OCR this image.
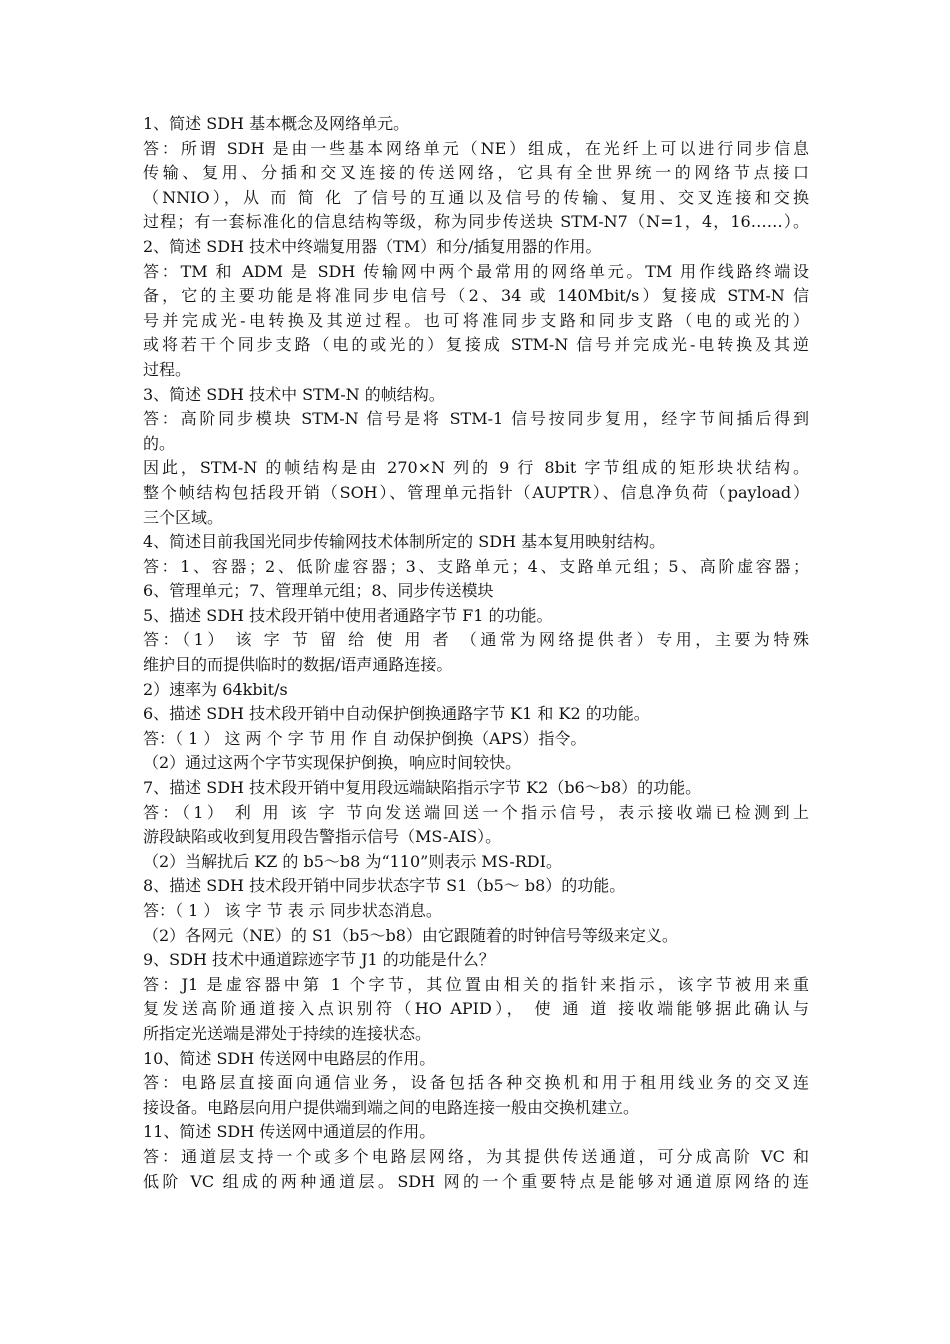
1、简述 SDH 基本概念及网络单元。
答：所谓 SDH 是由一些基本网络单元（NE）组成，在光纤上可以进行同步信息
传输、复用、分插和交叉连接的传送网络，它具有全世界统一的网络节点接口
（NNIO），从 而 简 化 了信号的互通以及信号的传输、复用、交叉连接和交换
过程；有一套标准化的信息结构等级，称为同步传送块 STM-N7（N=1，4，16……）。
2、简述 SDH 技术中终端复用器（TM）和分/插复用器的作用。
答：TM 和 ADM 是 SDH 传输网中两个最常用的网络单元。TM 用作线路终端设
备，它的主要功能是将准同步电信号（2、34 或 140Mbit/s）复接成 STM-N 信
号并完成光-电转换及其逆过程。也可将准同步支路和同步支路（电的或光的）
或将若干个同步支路（电的或光的）复接成 STM-N 信号并完成光-电转换及其逆
过程。
3、简述 SDH 技术中 STM-N 的帧结构。
答：高阶同步模块 STM-N 信号是将 STM-1 信号按同步复用，经字节间插后得到
的。
因此，STM-N 的帧结构是由 270×N 列的 9 行 8bit 字节组成的矩形块状结构。
整个帧结构包括段开销（SOH）、管理单元指针（AUPTR）、信息净负荷（payload）
三个区域。
4、简述目前我国光同步传输网技术体制所定的 SDH 基本复用映射结构。
答：1、容器；2、低阶虚容器；3、支路单元；4、支路单元组；5、高阶虚容器；
6、管理单元；7、管理单元组；8、同步传送模块
5、描述 SDH 技术段开销中使用者通路字节 F1 的功能。
答：（1） 该 字 节 留 给 使 用 者 （通常为网络提供者）专用，主要为特殊
维护目的而提供临时的数据/语声通路连接。
2）速率为 64kbit/s
6、描述 SDH 技术段开销中自动保护倒换通路字节 K1 和 K2 的功能。
答：（ 1 ） 这 两 个 字 节 用 作 自 动保护倒换（APS）指令。
（2）通过这两个字节实现保护倒换，响应时间较快。
7、描述 SDH 技术段开销中复用段远端缺陷指示字节 K2（b6～b8）的功能。
答：（1） 利 用 该 字 节向发送端回送一个指示信号，表示接收端已检测到上
游段缺陷或收到复用段告警指示信号（MS-AIS）。
（2）当解扰后 KZ 的 b5～b8 为“110”则表示 MS-RDI。
8、描述 SDH 技术段开销中同步状态字节 S1（b5～ b8）的功能。
答：（ 1 ） 该 字 节 表 示 同步状态消息。
（2）各网元（NE）的 S1（b5～b8）由它跟随着的时钟信号等级来定义。
9、SDH 技术中通道踪迹字节 J1 的功能是什么？
答：J1 是虚容器中第 1 个字节，其位置由相关的指针来指示，该字节被用来重
复发送高阶通道接入点识别符（HO APID）， 使 通 道 接收端能够据此确认与
所指定光送端是滞处于持续的连接状态。
10、简述 SDH 传送网中电路层的作用。
答：电路层直接面向通信业务，设备包括各种交换机和用于租用线业务的交叉连
接设备。电路层向用户提供端到端之间的电路连接一般由交换机建立。
11、简述 SDH 传送网中通道层的作用。
答：通道层支持一个或多个电路层网络，为其提供传送通道，可分成高阶 VC 和
低阶 VC 组成的两种通道层。SDH 网的一个重要特点是能够对通道原网络的连
